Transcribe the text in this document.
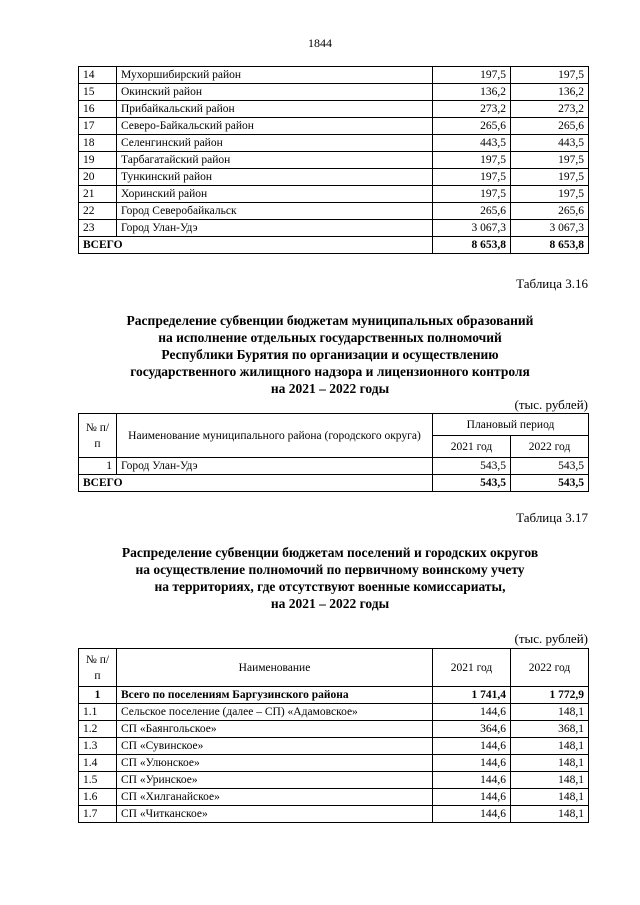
1844
14	Мухоршибирский район	197,5	197,5
15	Окинский район	136,2	136,2
16	Прибайкальский район	273,2	273,2
17	Северо-Байкальский район	265,6	265,6
18	Селенгинский район	443,5	443,5
19	Тарбагатайский район	197,5	197,5
20	Тункинский район	197,5	197,5
21	Хоринский район	197,5	197,5
22	Город Северобайкальск	265,6	265,6
23	Город Улан-Удэ	3 067,3	3 067,3
ВСЕГО		8 653,8	8 653,8
Таблица 3.16
Распределение субвенции бюджетам муниципальных образований
на исполнение отдельных государственных полномочий
Республики Бурятия по организации и осуществлению
государственного жилищного надзора и лицензионного контроля
на 2021 – 2022 годы
(тыс. рублей)
№ п/п	Наименование муниципального района (городского округа)	Плановый период	
		2021 год	2022 год
1	Город Улан-Удэ	543,5	543,5
ВСЕГО		543,5	543,5
Таблица 3.17
Распределение субвенции бюджетам поселений и городских округов
на осуществление полномочий по первичному воинскому учету
на территориях, где отсутствуют военные комиссариаты,
на 2021 – 2022 годы
(тыс. рублей)
№ п/п	Наименование	2021 год	2022 год
1	Всего по поселениям Баргузинского района	1 741,4	1 772,9
1.1	Сельское поселение (далее – СП) «Адамовское»	144,6	148,1
1.2	СП «Баянгольское»	364,6	368,1
1.3	СП «Сувинское»	144,6	148,1
1.4	СП «Улюнское»	144,6	148,1
1.5	СП «Уринское»	144,6	148,1
1.6	СП «Хилганайское»	144,6	148,1
1.7	СП «Читканское»	144,6	148,1
